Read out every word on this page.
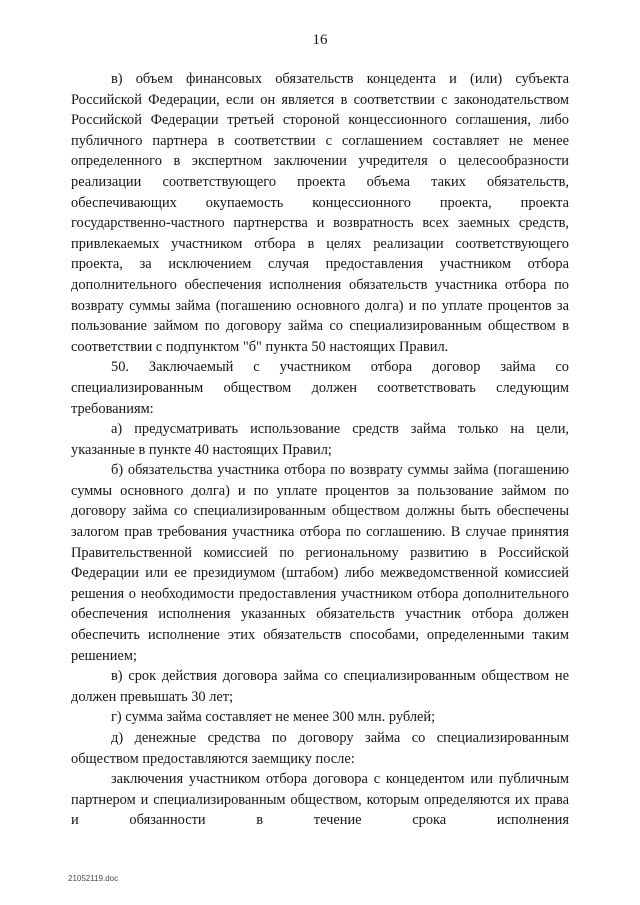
16

в) объем финансовых обязательств концедента и (или) субъекта Российской Федерации, если он является в соответствии с законодательством Российской Федерации третьей стороной концессионного соглашения, либо публичного партнера в соответствии с соглашением составляет не менее определенного в экспертном заключении учредителя о целесообразности реализации соответствующего проекта объема таких обязательств, обеспечивающих окупаемость концессионного проекта, проекта государственно-частного партнерства и возвратность всех заемных средств, привлекаемых участником отбора в целях реализации соответствующего проекта, за исключением случая предоставления участником отбора дополнительного обеспечения исполнения обязательств участника отбора по возврату суммы займа (погашению основного долга) и по уплате процентов за пользование займом по договору займа со специализированным обществом в соответствии с подпунктом "б" пункта 50 настоящих Правил.

50. Заключаемый с участником отбора договор займа со специализированным обществом должен соответствовать следующим требованиям:

а) предусматривать использование средств займа только на цели, указанные в пункте 40 настоящих Правил;

б) обязательства участника отбора по возврату суммы займа (погашению суммы основного долга) и по уплате процентов за пользование займом по договору займа со специализированным обществом должны быть обеспечены залогом прав требования участника отбора по соглашению. В случае принятия Правительственной комиссией по региональному развитию в Российской Федерации или ее президиумом (штабом) либо межведомственной комиссией решения о необходимости предоставления участником отбора дополнительного обеспечения исполнения указанных обязательств участник отбора должен обеспечить исполнение этих обязательств способами, определенными таким решением;

в) срок действия договора займа со специализированным обществом не должен превышать 30 лет;

г) сумма займа составляет не менее 300 млн. рублей;

д) денежные средства по договору займа со специализированным обществом предоставляются заемщику после:

заключения участником отбора договора с концедентом или публичным партнером и специализированным обществом, которым определяются их права и обязанности в течение срока исполнения

21052119.doc
